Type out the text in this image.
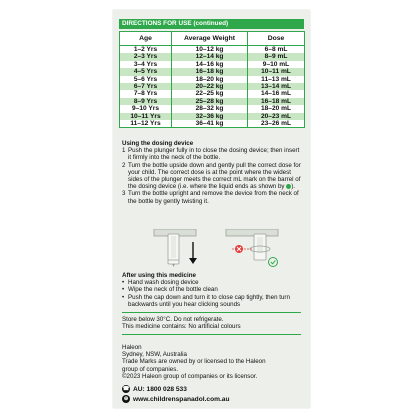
DIRECTIONS FOR USE (continued)
Age	Average Weight	Dose
1–2 Yrs	10–12 kg	6–8 mL
2–3 Yrs	12–14 kg	8–9 mL
3–4 Yrs	14–16 kg	9–10 mL
4–5 Yrs	16–18 kg	10–11 mL
5–6 Yrs	18–20 kg	11–13 mL
6–7 Yrs	20–22 kg	13–14 mL
7–8 Yrs	22–25 kg	14–16 mL
8–9 Yrs	25–28 kg	16–18 mL
9–10 Yrs	28–32 kg	18–20 mL
10–11 Yrs	32–36 kg	20–23 mL
11–12 Yrs	36–41 kg	23–26 mL
Using the dosing device
1 Push the plunger fully in to close the dosing device; then insert it firmly into the neck of the bottle.
2 Turn the bottle upside down and gently pull the correct dose for your child. The correct dose is at the point where the widest sides of the plunger meets the correct mL mark on the barrel of the dosing device (i.e. where the liquid ends as shown by ).
3 Turn the bottle upright and remove the device from the neck of the bottle by gently twisting it.
After using this medicine
• Hand wash dosing device
• Wipe the neck of the bottle clean
• Push the cap down and turn it to close cap tightly, then turn backwards until you hear clicking sounds
Store below 30°C. Do not refrigerate.
This medicine contains: No artificial colours
Haleon
Sydney, NSW, Australia
Trade Marks are owned by or licensed to the Haleon group of companies.
©2023 Haleon group of companies or its licensor.
☎ AU: 1800 028 533
⊕ www.childrenspanadol.com.au
